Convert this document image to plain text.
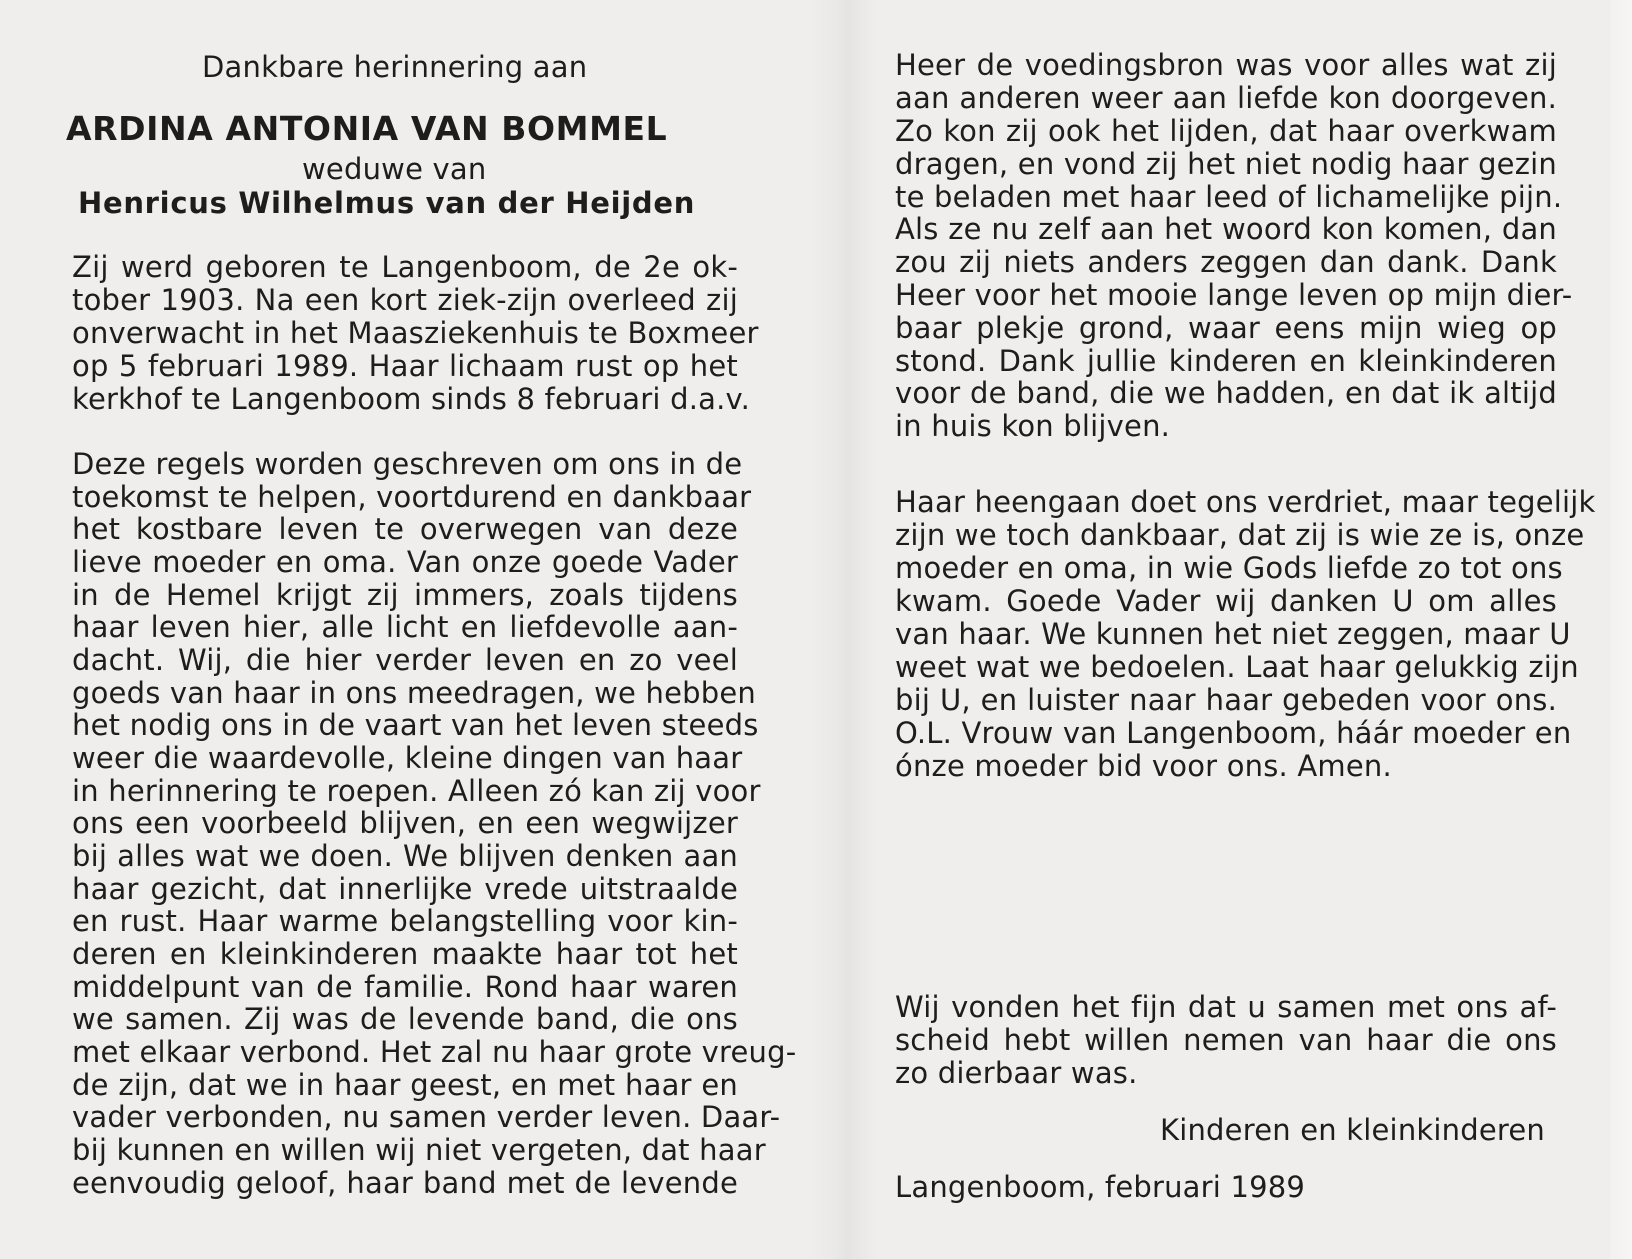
Dankbare herinnering aan
ARDINA ANTONIA VAN BOMMEL
weduwe van
Henricus Wilhelmus van der Heijden
Zij werd geboren te Langenboom, de 2e ok-
tober 1903. Na een kort ziek-zijn overleed zij
onverwacht in het Maasziekenhuis te Boxmeer
op 5 februari 1989. Haar lichaam rust op het
kerkhof te Langenboom sinds 8 februari d.a.v.
Deze regels worden geschreven om ons in de
toekomst te helpen, voortdurend en dankbaar
het kostbare leven te overwegen van deze
lieve moeder en oma. Van onze goede Vader
in de Hemel krijgt zij immers, zoals tijdens
haar leven hier, alle licht en liefdevolle aan-
dacht. Wij, die hier verder leven en zo veel
goeds van haar in ons meedragen, we hebben
het nodig ons in de vaart van het leven steeds
weer die waardevolle, kleine dingen van haar
in herinnering te roepen. Alleen zó kan zij voor
ons een voorbeeld blijven, en een wegwijzer
bij alles wat we doen. We blijven denken aan
haar gezicht, dat innerlijke vrede uitstraalde
en rust. Haar warme belangstelling voor kin-
deren en kleinkinderen maakte haar tot het
middelpunt van de familie. Rond haar waren
we samen. Zij was de levende band, die ons
met elkaar verbond. Het zal nu haar grote vreug-
de zijn, dat we in haar geest, en met haar en
vader verbonden, nu samen verder leven. Daar-
bij kunnen en willen wij niet vergeten, dat haar
eenvoudig geloof, haar band met de levende
Heer de voedingsbron was voor alles wat zij
aan anderen weer aan liefde kon doorgeven.
Zo kon zij ook het lijden, dat haar overkwam
dragen, en vond zij het niet nodig haar gezin
te beladen met haar leed of lichamelijke pijn.
Als ze nu zelf aan het woord kon komen, dan
zou zij niets anders zeggen dan dank. Dank
Heer voor het mooie lange leven op mijn dier-
baar plekje grond, waar eens mijn wieg op
stond. Dank jullie kinderen en kleinkinderen
voor de band, die we hadden, en dat ik altijd
in huis kon blijven.
Haar heengaan doet ons verdriet, maar tegelijk
zijn we toch dankbaar, dat zij is wie ze is, onze
moeder en oma, in wie Gods liefde zo tot ons
kwam. Goede Vader wij danken U om alles
van haar. We kunnen het niet zeggen, maar U
weet wat we bedoelen. Laat haar gelukkig zijn
bij U, en luister naar haar gebeden voor ons.
O.L. Vrouw van Langenboom, háár moeder en
ónze moeder bid voor ons. Amen.
Wij vonden het fijn dat u samen met ons af-
scheid hebt willen nemen van haar die ons
zo dierbaar was.
Kinderen en kleinkinderen
Langenboom, februari 1989
